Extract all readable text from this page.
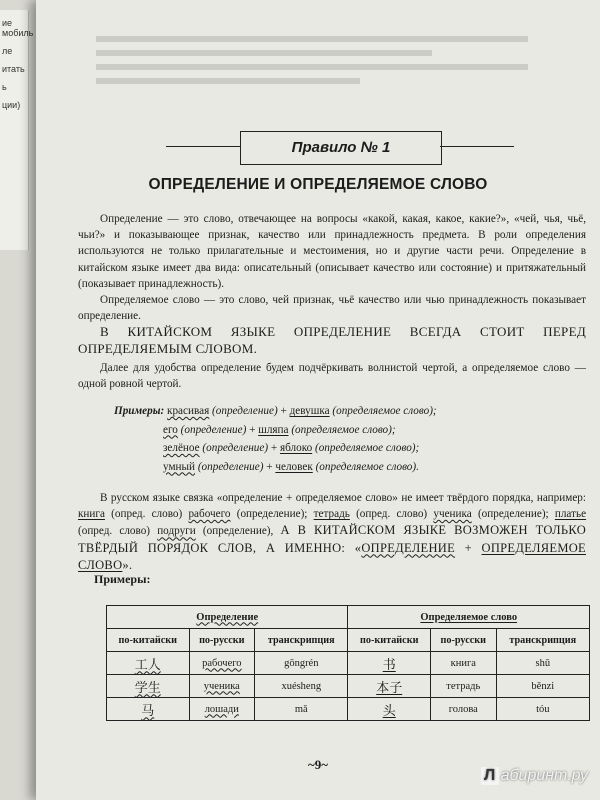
ие мобиль
ле
итать
ь
ции)
Правило № 1
ОПРЕДЕЛЕНИЕ И ОПРЕДЕЛЯЕМОЕ СЛОВО

Определение — это слово, отвечающее на вопросы «какой, какая, какое, какие?», «чей, чья, чьё, чьи?» и показывающее признак, качество или принадлежность предмета. В роли определения используются не только прилагательные и местоимения, но и другие части речи. Определение в китайском языке имеет два вида: описательный (описывает качество или состояние) и притяжательный (показывает принадлежность).

Определяемое слово — это слово, чей признак, чьё качество или чью принадлежность показывает определение.

В КИТАЙСКОМ ЯЗЫКЕ ОПРЕДЕЛЕНИЕ ВСЕГДА СТОИТ ПЕРЕД ОПРЕДЕЛЯЕМЫМ СЛОВОМ.

Далее для удобства определение будем подчёркивать волнистой чертой, а определяемое слово — одной ровной чертой.

Примеры: красивая (определение) + девушка (определяемое слово);
его (определение) + шляпа (определяемое слово);
зелёное (определение) + яблоко (определяемое слово);
умный (определение) + человек (определяемое слово).

В русском языке связка «определение + определяемое слово» не имеет твёрдого порядка, например: книга (опред. слово) рабочего (определение); тетрадь (опред. слово) ученика (определение); платье (опред. слово) подруги (определение), А В КИТАЙСКОМ ЯЗЫКЕ ВОЗМОЖЕН ТОЛЬКО ТВЁРДЫЙ ПОРЯДОК СЛОВ, А ИМЕННО: «ОПРЕДЕЛЕНИЕ + ОПРЕДЕЛЯЕМОЕ СЛОВО».

Примеры:
Определение			Определяемое слово		
по-китайски	по-русски	транскрипция	по-китайски	по-русски	транскрипция
工人	рабочего	gōngrén	书	книга	shū
学生	ученика	xuésheng	本子	тетрадь	běnzi
马	лошади	mǎ	头	голова	tóu
~9~
Л абиринт.ру
